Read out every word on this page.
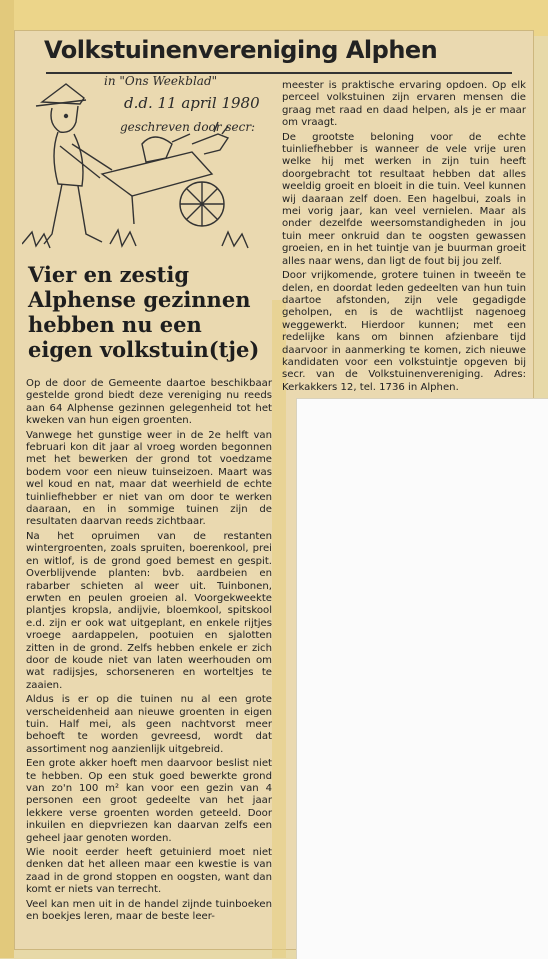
Volkstuinenvereniging Alphen
in "Ons Weekblad"
d.d. 11 april 1980
geschreven door secr:
Vier en zestig Alphense gezinnen hebben nu een eigen volkstuin(tje)

Op de door de Gemeente daartoe beschikbaar gestelde grond biedt deze vereniging nu reeds aan 64 Alphense gezinnen gelegenheid tot het kweken van hun eigen groenten.

Vanwege het gunstige weer in de 2e helft van februari kon dit jaar al vroeg worden begonnen met het bewerken der grond tot voedzame bodem voor een nieuw tuinseizoen. Maart was wel koud en nat, maar dat weerhield de echte tuinliefhebber er niet van om door te werken daaraan, en in sommige tuinen zijn de resultaten daarvan reeds zichtbaar.

Na het opruimen van de restanten wintergroenten, zoals spruiten, boerenkool, prei en witlof, is de grond goed bemest en gespit. Overblijvende planten: bvb. aardbeien en rabarber schieten al weer uit. Tuinbonen, erwten en peulen groeien al. Voorgekweekte plantjes kropsla, andijvie, bloemkool, spitskool e.d. zijn er ook wat uitgeplant, en enkele rijtjes vroege aardappelen, pootuien en sjalotten zitten in de grond. Zelfs hebben enkele er zich door de koude niet van laten weerhouden om wat radijsjes, schorseneren en worteltjes te zaaien.

Aldus is er op die tuinen nu al een grote verscheidenheid aan nieuwe groenten in eigen tuin. Half mei, als geen nachtvorst meer behoeft te worden gevreesd, wordt dat assortiment nog aanzienlijk uitgebreid.

Een grote akker hoeft men daarvoor beslist niet te hebben. Op een stuk goed bewerkte grond van zo'n 100 m² kan voor een gezin van 4 personen een groot gedeelte van het jaar lekkere verse groenten worden geteeld. Door inkuilen en diepvriezen kan daarvan zelfs een geheel jaar genoten worden.

Wie nooit eerder heeft getuinierd moet niet denken dat het alleen maar een kwestie is van zaad in de grond stoppen en oogsten, want dan komt er niets van terrecht.

Veel kan men uit in de handel zijnde tuinboeken en boekjes leren, maar de beste leer-

meester is praktische ervaring opdoen. Op elk perceel volkstuinen zijn ervaren mensen die graag met raad en daad helpen, als je er maar om vraagt.

De grootste beloning voor de echte tuinliefhebber is wanneer de vele vrije uren welke hij met werken in zijn tuin heeft doorgebracht tot resultaat hebben dat alles weeldig groeit en bloeit in die tuin. Veel kunnen wij daaraan zelf doen. Een hagelbui, zoals in mei vorig jaar, kan veel vernielen. Maar als onder dezelfde weersomstandigheden in jou tuin meer onkruid dan te oogsten gewassen groeien, en in het tuintje van je buurman groeit alles naar wens, dan ligt de fout bij jou zelf.

Door vrijkomende, grotere tuinen in tweeën te delen, en doordat leden gedeelten van hun tuin daartoe afstonden, zijn vele gegadigde geholpen, en is de wachtlijst nagenoeg weggewerkt. Hierdoor kunnen; met een redelijke kans om binnen afzienbare tijd daarvoor in aanmerking te komen, zich nieuwe kandidaten voor een volkstuintje opgeven bij secr. van de Volkstuinenvereniging. Adres: Kerkakkers 12, tel. 1736 in Alphen.
